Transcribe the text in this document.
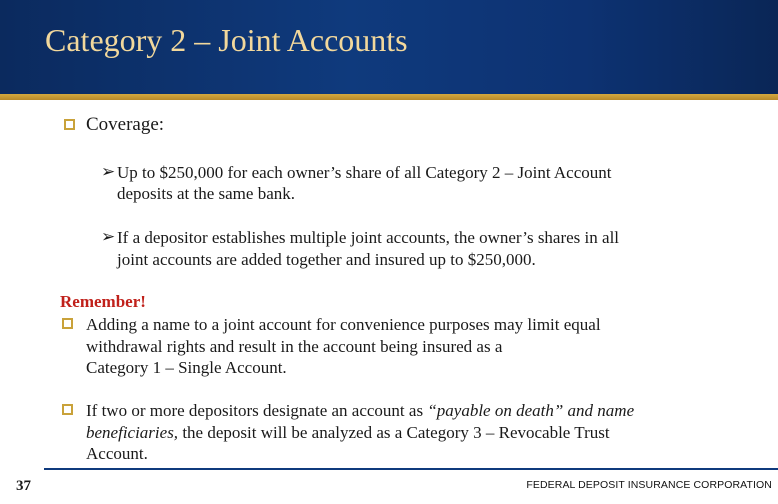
Category 2 – Joint Accounts
Coverage:
➢ Up to $250,000 for each owner’s share of all Category 2 – Joint Account
deposits at the same bank.
➢ If a depositor establishes multiple joint accounts, the owner’s shares in all
joint accounts are added together and insured up to $250,000.
Remember!
Adding a name to a joint account for convenience purposes may limit equal
withdrawal rights and result in the account being insured as a
Category 1 – Single Account.
If two or more depositors designate an account as “payable on death” and name
beneficiaries, the deposit will be analyzed as a Category 3 – Revocable Trust
Account.
37	FEDERAL DEPOSIT INSURANCE CORPORATION
